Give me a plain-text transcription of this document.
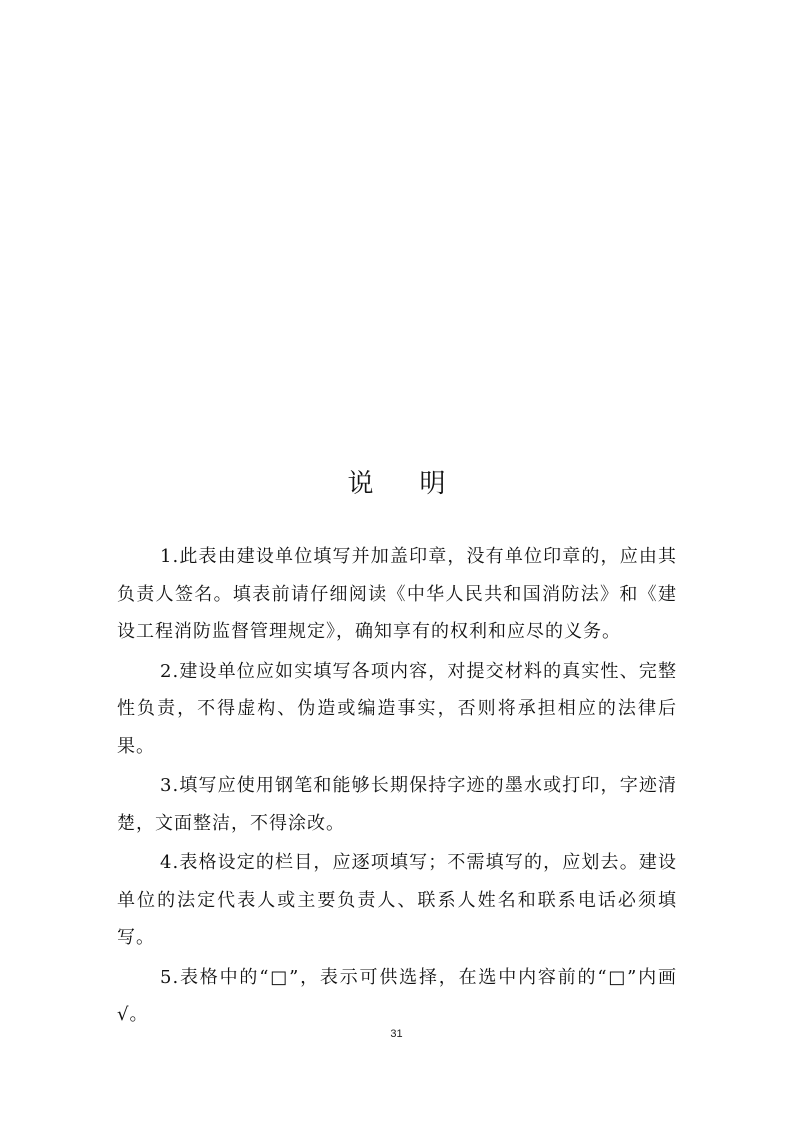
说明

1.此表由建设单位填写并加盖印章，没有单位印章的，应由其负责人签名。填表前请仔细阅读《中华人民共和国消防法》和《建设工程消防监督管理规定》，确知享有的权利和应尽的义务。

2.建设单位应如实填写各项内容，对提交材料的真实性、完整性负责，不得虚构、伪造或编造事实，否则将承担相应的法律后果。

3.填写应使用钢笔和能够长期保持字迹的墨水或打印，字迹清楚，文面整洁，不得涂改。

4.表格设定的栏目，应逐项填写；不需填写的，应划去。建设单位的法定代表人或主要负责人、联系人姓名和联系电话必须填写。

5.表格中的“□”，表示可供选择，在选中内容前的“□”内画√。

31
